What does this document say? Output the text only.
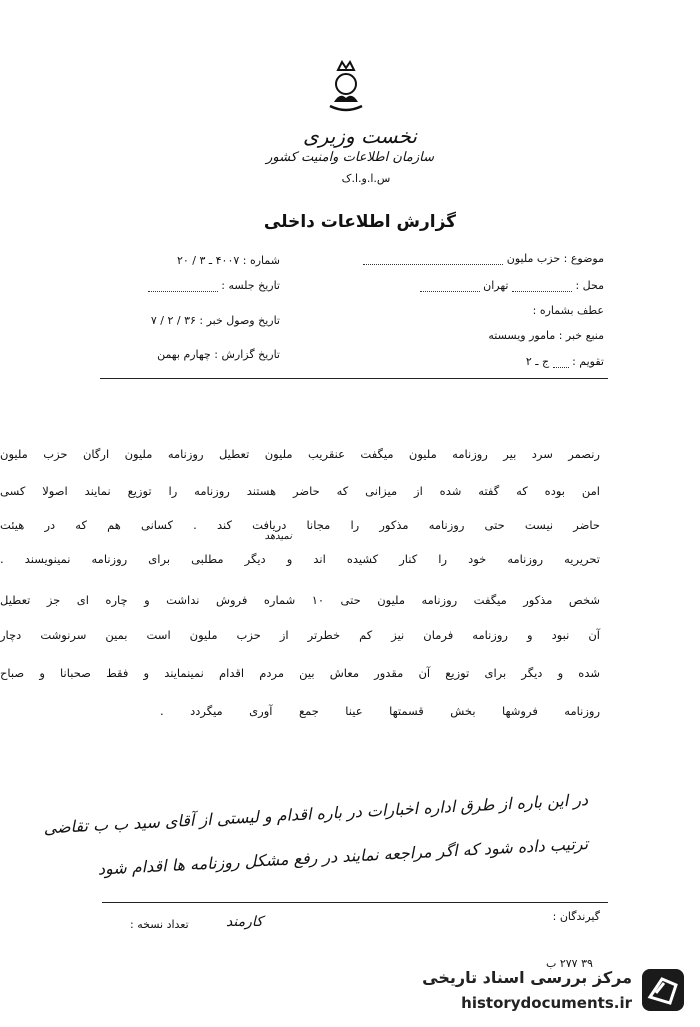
نخست وزیری
سازمان اطلاعات وامنیت کشور
س.ا.و.ا.ک
گزارش اطلاعات داخلی
موضوع : حزب ملیون
محل :  تهران
عطف بشماره :
منبع خبر : مامور ویسسته
تقویم :  ج ـ ۲
شماره : ۴۰۰۷ ـ ۳ / ۲۰
تاریخ جلسه :
تاریخ وصول خبر : ۳۶ / ۲ / ۷
تاریخ گزارش : چهارم بهمن
رنصمر سرد بیر روزنامه ملیون میگفت عنقریب ملیون تعطیل روزنامه ملیون ارگان حزب ملیون
امن بوده که گفته شده از میزانی که حاضر هستند روزنامه را توزیع نمایند اصولا کسی
حاضر نیست حتی روزنامه مذکور را مجانا دریافت کند . کسانی هم که در هیئت
نمیدهد
تحریریه روزنامه خود را کنار کشیده اند و دیگر مطلبی برای روزنامه نمینویسند .
شخص مذکور میگفت روزنامه ملیون حتی ۱۰ شماره فروش نداشت و چاره ای جز تعطیل
آن نبود و روزنامه فرمان نیز کم خطرتر از حزب ملیون است بمین سرنوشت دچار
شده و دیگر برای توزیع آن مقدور معاش بین مردم اقدام نمینمایند و فقط صحبانا و صباح
روزنامه فروشها بخش قسمتها عینا جمع آوری میگردد .
در این باره از طرق اداره اخبارات در باره اقدام و لیستی از آقای سید ب ب تقاضی
ترتیب داده شود که اگر مراجعه نمایند در رفع مشکل روزنامه ها اقدام شود
گیرندگان :
کارمند
تعداد نسخه :
۳۹ ۲۷۷ ب
مرکز بررسی اسناد تاریخی
historydocuments.ir
